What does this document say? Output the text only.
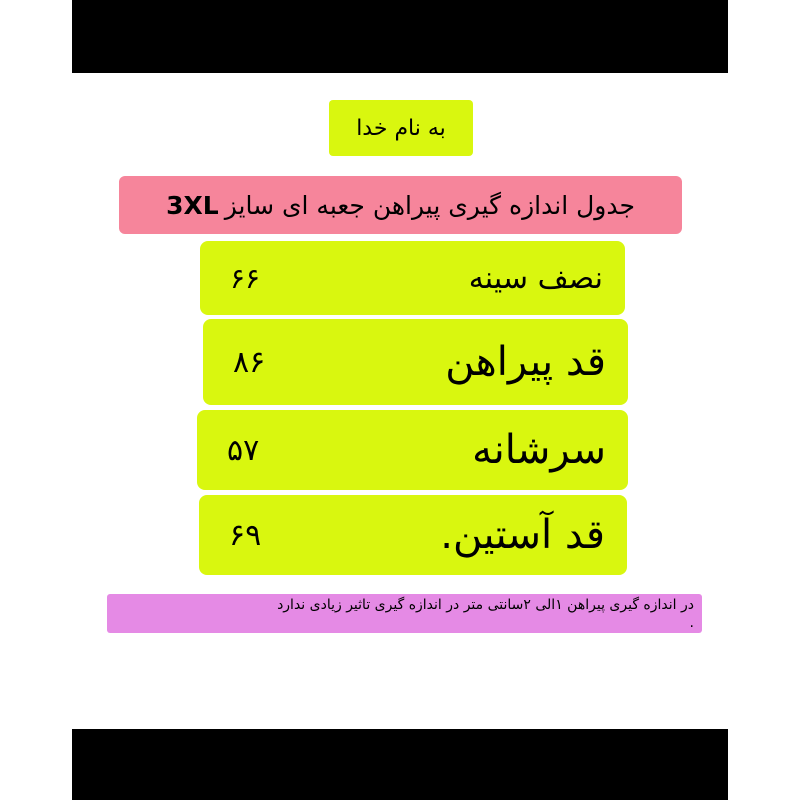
به نام خدا
جدول اندازه گیری پیراهن جعبه ای سایز
3XL
نصف سینه
۶۶
قد پیراهن
۸۶
سرشانه
۵۷
قد آستین.
۶۹
در اندازه گیری پیراهن ۱الی ۲سانتی متر در اندازه گیری تاثیر زیادی ندارد
.
